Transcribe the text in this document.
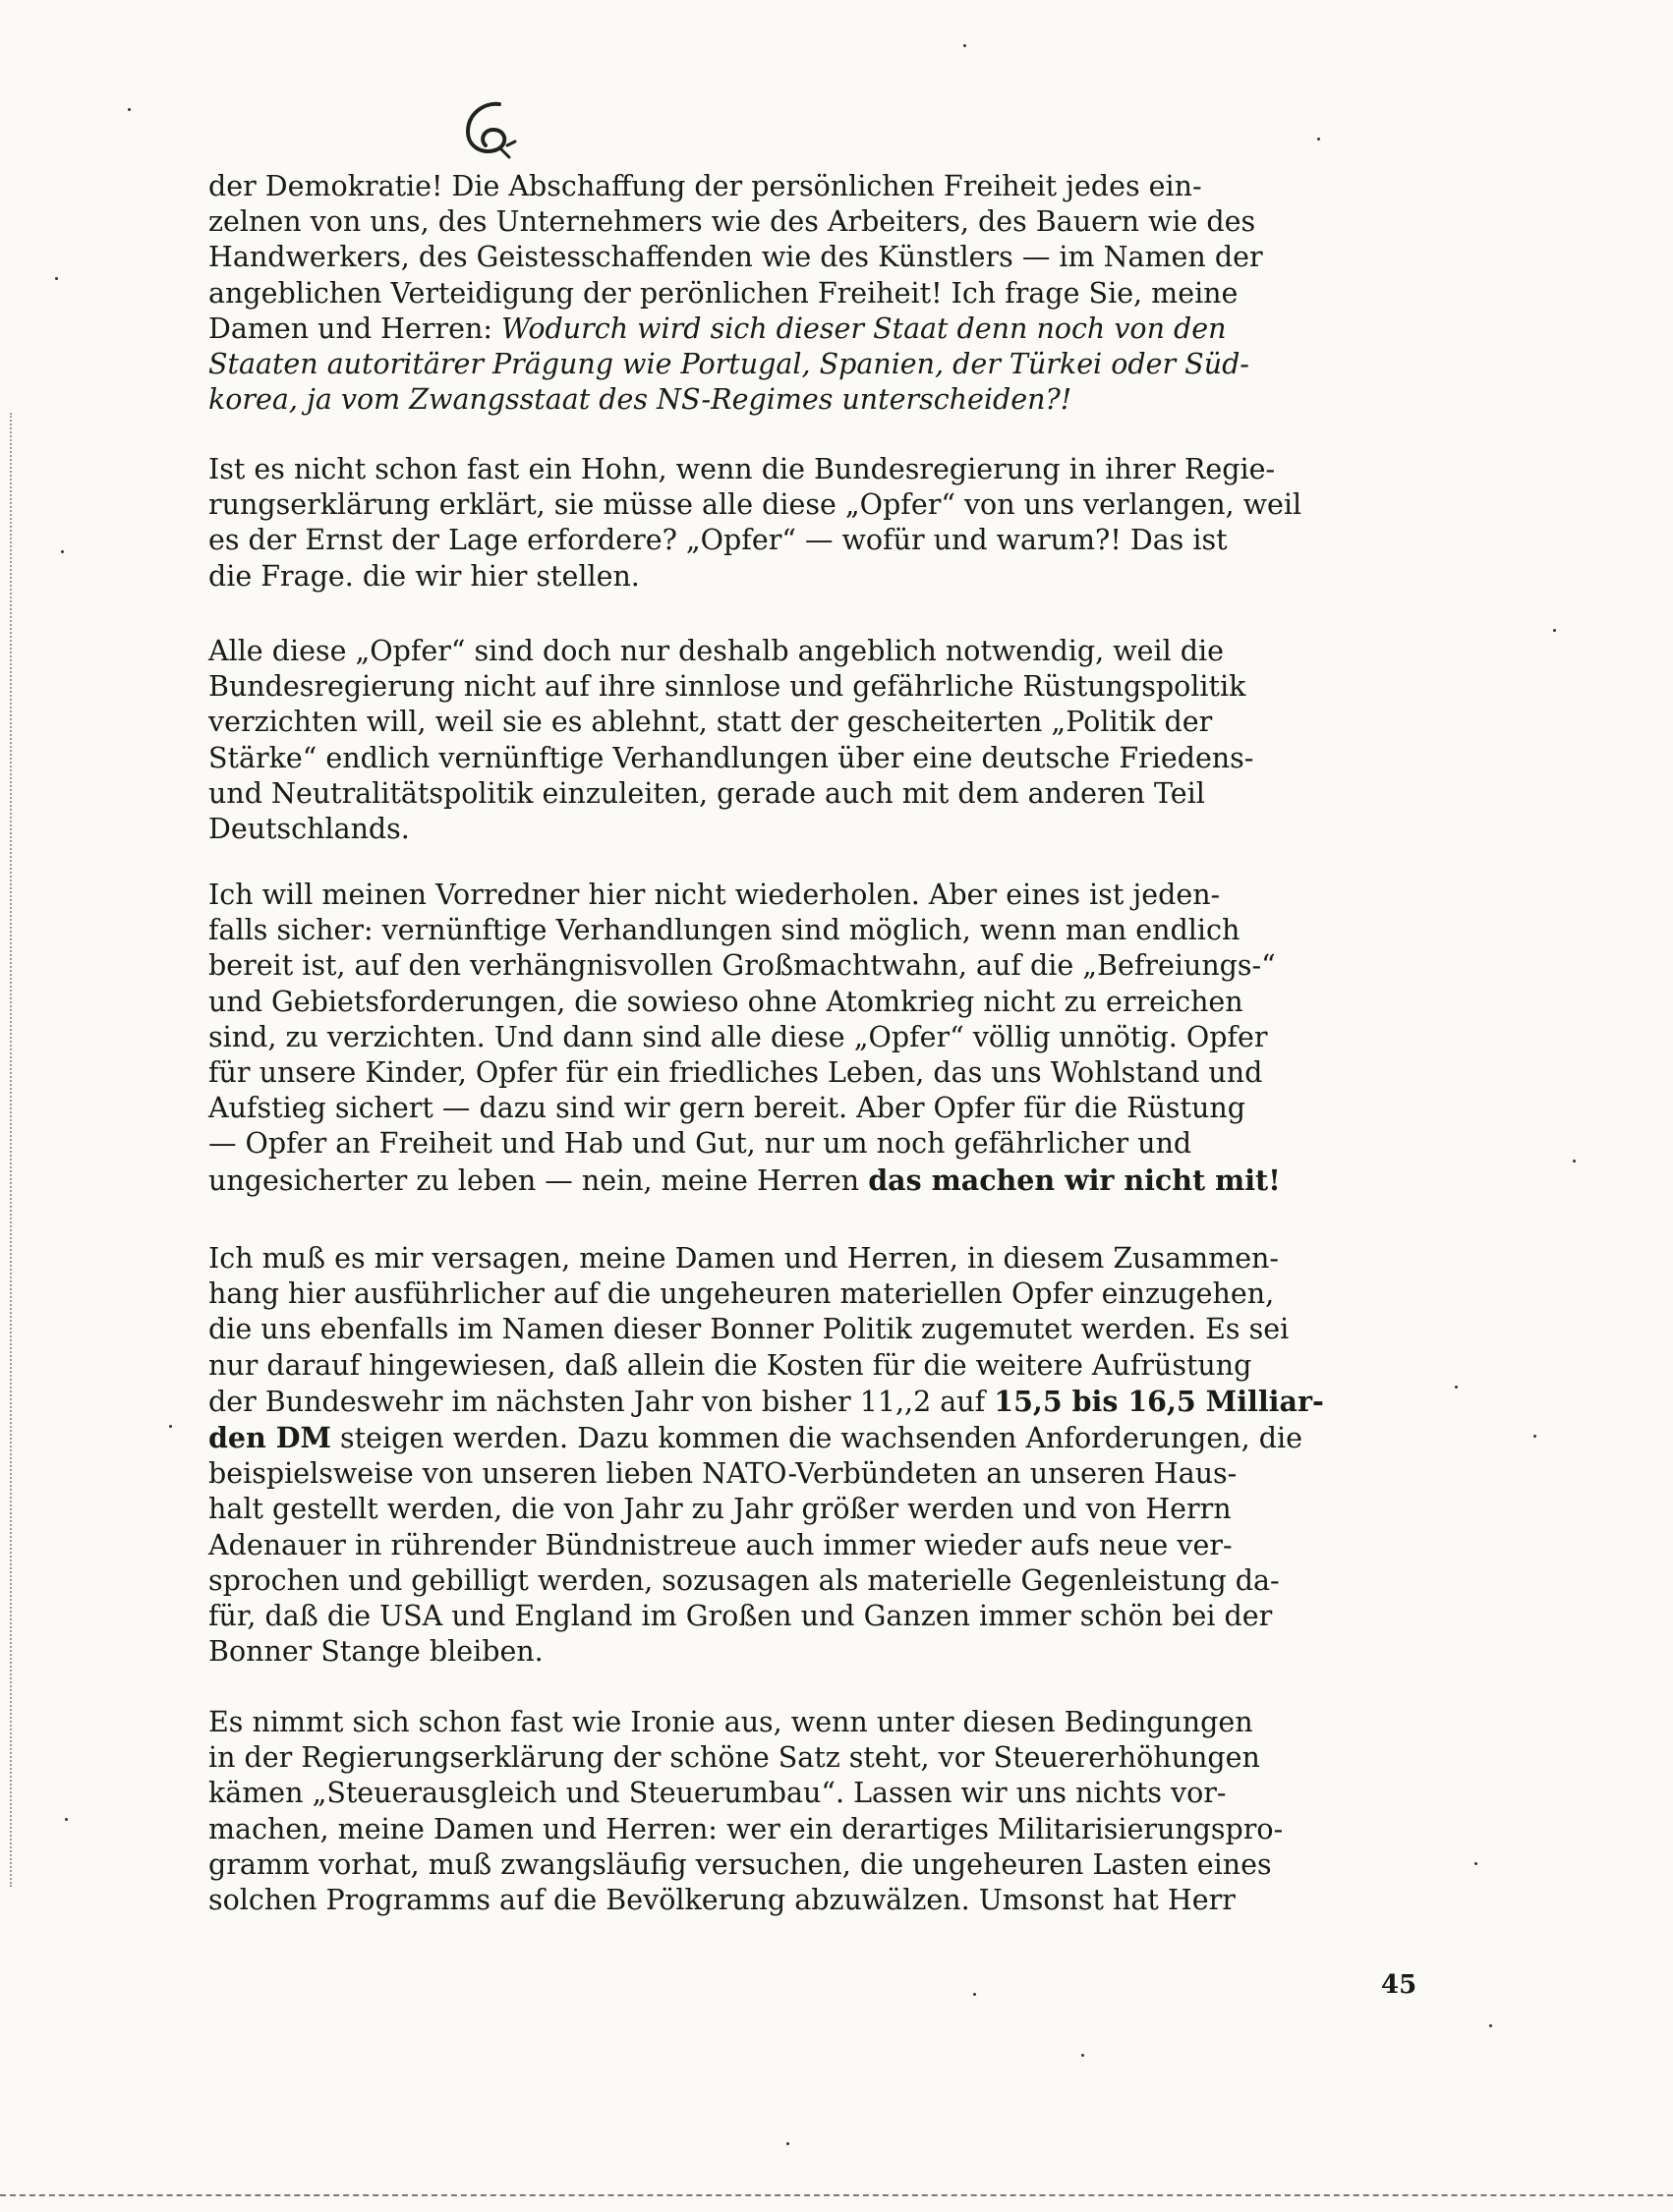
der Demokratie! Die Abschaffung der persönlichen Freiheit jedes ein-
zelnen von uns, des Unternehmers wie des Arbeiters, des Bauern wie des
Handwerkers, des Geistesschaffenden wie des Künstlers — im Namen der
angeblichen Verteidigung der perönlichen Freiheit! Ich frage Sie, meine
Damen und Herren: Wodurch wird sich dieser Staat denn noch von den
Staaten autoritärer Prägung wie Portugal, Spanien, der Türkei oder Süd-
korea, ja vom Zwangsstaat des NS-Regimes unterscheiden?!
Ist es nicht schon fast ein Hohn, wenn die Bundesregierung in ihrer Regie-
rungserklärung erklärt, sie müsse alle diese „Opfer“ von uns verlangen, weil
es der Ernst der Lage erfordere? „Opfer“ — wofür und warum?! Das ist
die Frage. die wir hier stellen.
Alle diese „Opfer“ sind doch nur deshalb angeblich notwendig, weil die
Bundesregierung nicht auf ihre sinnlose und gefährliche Rüstungspolitik
verzichten will, weil sie es ablehnt, statt der gescheiterten „Politik der
Stärke“ endlich vernünftige Verhandlungen über eine deutsche Friedens-
und Neutralitätspolitik einzuleiten, gerade auch mit dem anderen Teil
Deutschlands.
Ich will meinen Vorredner hier nicht wiederholen. Aber eines ist jeden-
falls sicher: vernünftige Verhandlungen sind möglich, wenn man endlich
bereit ist, auf den verhängnisvollen Großmachtwahn, auf die „Befreiungs-“
und Gebietsforderungen, die sowieso ohne Atomkrieg nicht zu erreichen
sind, zu verzichten. Und dann sind alle diese „Opfer“ völlig unnötig. Opfer
für unsere Kinder, Opfer für ein friedliches Leben, das uns Wohlstand und
Aufstieg sichert — dazu sind wir gern bereit. Aber Opfer für die Rüstung
— Opfer an Freiheit und Hab und Gut, nur um noch gefährlicher und
ungesicherter zu leben — nein, meine Herren das machen wir nicht mit!
Ich muß es mir versagen, meine Damen und Herren, in diesem Zusammen-
hang hier ausführlicher auf die ungeheuren materiellen Opfer einzugehen,
die uns ebenfalls im Namen dieser Bonner Politik zugemutet werden. Es sei
nur darauf hingewiesen, daß allein die Kosten für die weitere Aufrüstung
der Bundeswehr im nächsten Jahr von bisher 11,,2 auf 15,5 bis 16,5 Milliar-
den DM steigen werden. Dazu kommen die wachsenden Anforderungen, die
beispielsweise von unseren lieben NATO-Verbündeten an unseren Haus-
halt gestellt werden, die von Jahr zu Jahr größer werden und von Herrn
Adenauer in rührender Bündnistreue auch immer wieder aufs neue ver-
sprochen und gebilligt werden, sozusagen als materielle Gegenleistung da-
für, daß die USA und England im Großen und Ganzen immer schön bei der
Bonner Stange bleiben.
Es nimmt sich schon fast wie Ironie aus, wenn unter diesen Bedingungen
in der Regierungserklärung der schöne Satz steht, vor Steuererhöhungen
kämen „Steuerausgleich und Steuerumbau“. Lassen wir uns nichts vor-
machen, meine Damen und Herren: wer ein derartiges Militarisierungspro-
gramm vorhat, muß zwangsläufig versuchen, die ungeheuren Lasten eines
solchen Programms auf die Bevölkerung abzuwälzen. Umsonst hat Herr
45
